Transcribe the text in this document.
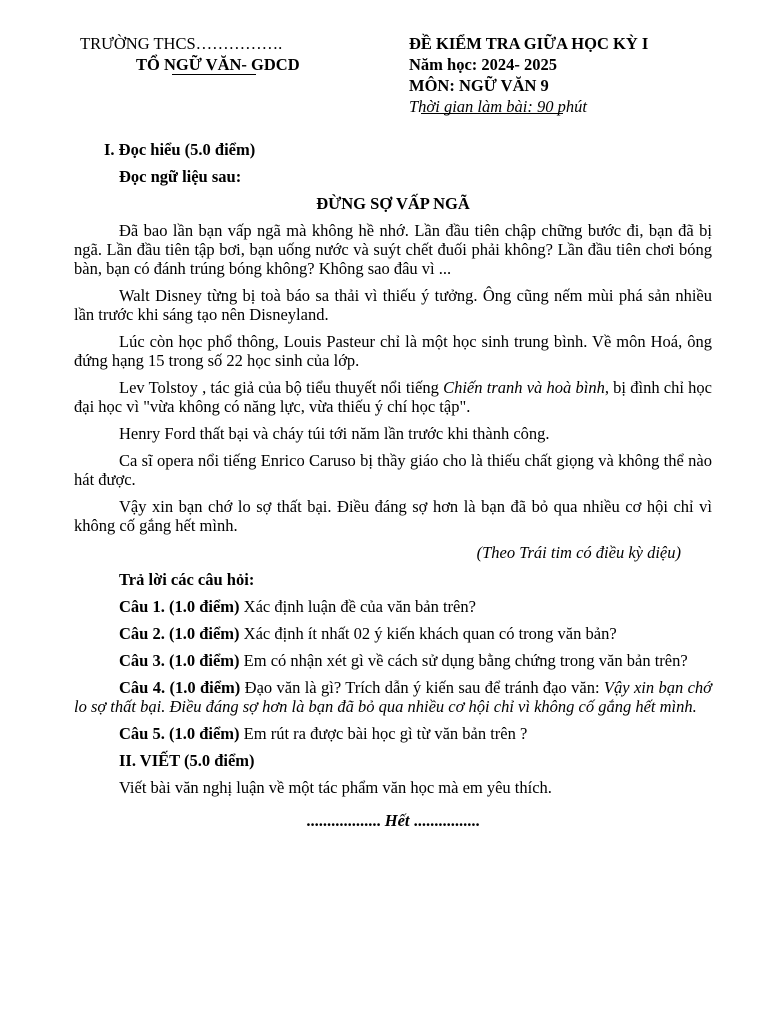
TRƯỜNG THCS…………….

TỔ NGỮ VĂN- GDCD

ĐỀ KIỂM TRA GIỮA HỌC KỲ I

Năm học: 2024- 2025

MÔN: NGỮ VĂN 9

Thời gian làm bài: 90 phút

I. Đọc hiểu (5.0 điểm)

Đọc ngữ liệu sau:

ĐỪNG SỢ VẤP NGÃ

Đã bao lần bạn vấp ngã mà không hề nhớ. Lần đầu tiên chập chững bước đi, bạn đã bị ngã. Lần đầu tiên tập bơi, bạn uống nước và suýt chết đuối phải không? Lần đầu tiên chơi bóng bàn, bạn có đánh trúng bóng không? Không sao đâu vì ...

Walt Disney từng bị toà báo sa thải vì thiếu ý tưởng. Ông cũng nếm mùi phá sản nhiều lần trước khi sáng tạo nên Disneyland.

Lúc còn học phổ thông, Louis Pasteur chỉ là một học sinh trung bình. Về môn Hoá, ông đứng hạng 15 trong số 22 học sinh của lớp.

Lev Tolstoy , tác giả của bộ tiểu thuyết nổi tiếng Chiến tranh và hoà bình, bị đình chỉ học đại học vì "vừa không có năng lực, vừa thiếu ý chí học tập".

Henry Ford thất bại và cháy túi tới năm lần trước khi thành công.

Ca sĩ opera nổi tiếng Enrico Caruso bị thầy giáo cho là thiếu chất giọng và không thể nào hát được.

Vậy xin bạn chớ lo sợ thất bại. Điều đáng sợ hơn là bạn đã bỏ qua nhiều cơ hội chỉ vì không cố gắng hết mình.

(Theo Trái tim có điều kỳ diệu)

Trả lời các câu hỏi:

Câu 1. (1.0 điểm) Xác định luận đề của văn bản trên?

Câu 2. (1.0 điểm) Xác định ít nhất 02 ý kiến khách quan có trong văn bản?

Câu 3. (1.0 điểm) Em có nhận xét gì về cách sử dụng bằng chứng trong văn bản trên?

Câu 4. (1.0 điểm) Đạo văn là gì? Trích dẫn ý kiến sau để tránh đạo văn: Vậy xin bạn chớ lo sợ thất bại. Điều đáng sợ hơn là bạn đã bỏ qua nhiều cơ hội chỉ vì không cố gắng hết mình.

Câu 5. (1.0 điểm) Em rút ra được bài học gì từ văn bản trên ?

II. VIẾT (5.0 điểm)

Viết bài văn nghị luận về một tác phẩm văn học mà em yêu thích.

.................. Hết ................
